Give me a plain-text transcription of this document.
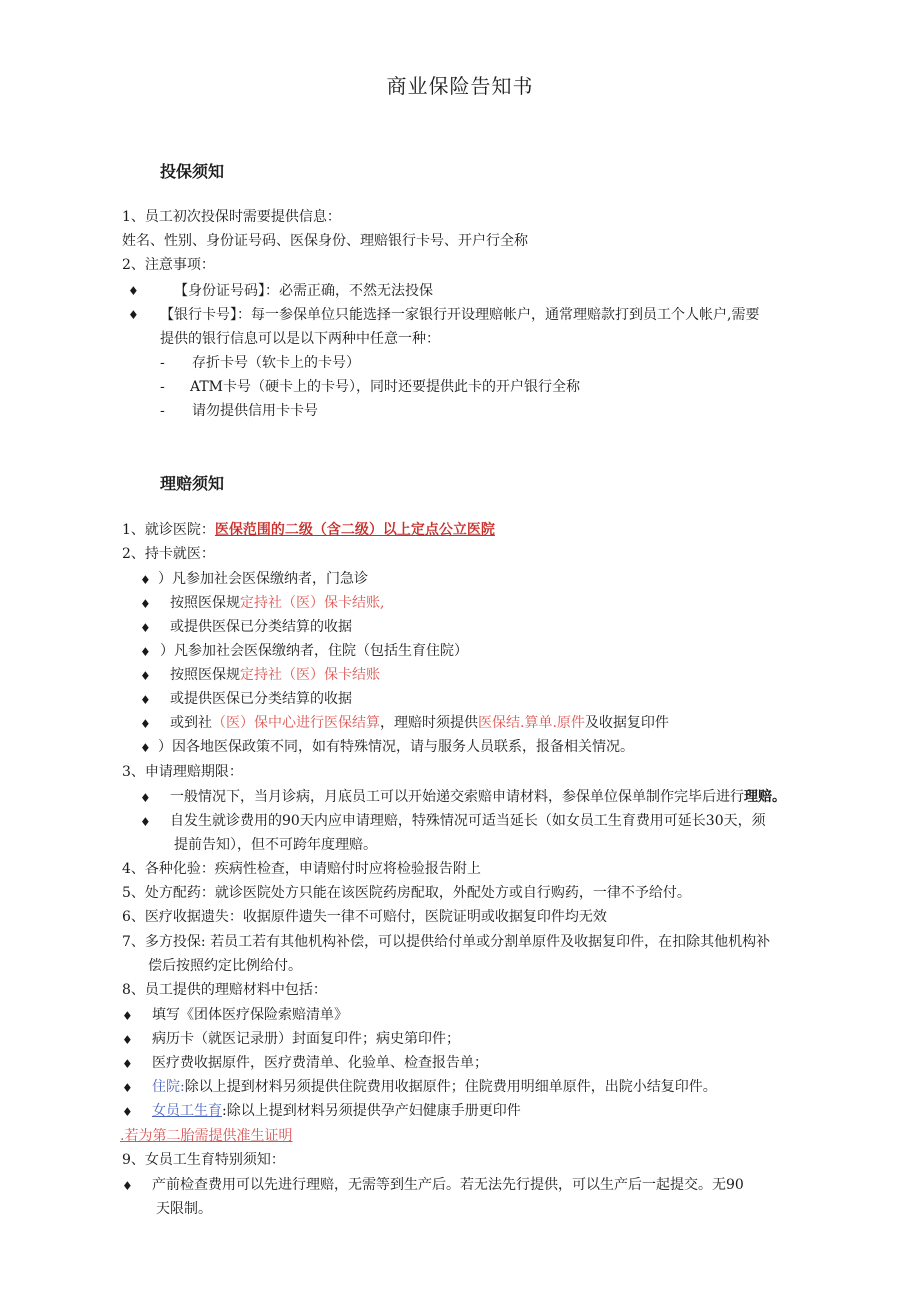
商业保险告知书
投保须知
1、员工初次投保时需要提供信息：
姓名、性别、身份证号码、医保身份、理赔银行卡号、开户行全称
2、注意事项：
♦	【身份证号码】：必需正确，不然无法投保
♦ 【银行卡号】：每一参保单位只能选择一家银行开设理赔帐户，通常理赔款打到员工个人帐户,需要
提供的银行信息可以是以下两种中任意一种：
- 存折卡号（软卡上的卡号）
- ATM卡号（硬卡上的卡号），同时还要提供此卡的开户银行全称
- 请勿提供信用卡卡号
理赔须知
1、就诊医院：医保范围的二级（含二级）以上定点公立医院
2、持卡就医：
♦ ）凡参加社会医保缴纳者，门急诊
♦ 按照医保规定持社（医）保卡结账,
♦ 或提供医保已分类结算的收据
♦ ）凡参加社会医保缴纳者，住院（包括生育住院）
♦ 按照医保规定持社（医）保卡结账
♦ 或提供医保已分类结算的收据
♦ 或到社（医）保中心进行医保结算，理赔时须提供医保结.算单.原件及收据复印件
♦ ）因各地医保政策不同，如有特殊情况，请与服务人员联系，报备相关情况。
3、申请理赔期限：
♦ 一般情况下，当月诊病，月底员工可以开始递交索赔申请材料，参保单位保单制作完毕后进行理赔。
♦ 自发生就诊费用的90天内应申请理赔，特殊情况可适当延长（如女员工生育费用可延长30天，须
提前告知），但不可跨年度理赔。
4、各种化验：疾病性检查，申请赔付时应将检验报告附上
5、处方配药：就诊医院处方只能在该医院药房配取，外配处方或自行购药，一律不予给付。
6、医疗收据遗失：收据原件遗失一律不可赔付，医院证明或收据复印件均无效
7、多方投保: 若员工若有其他机构补偿，可以提供给付单或分割单原件及收据复印件，在扣除其他机构补
偿后按照约定比例给付。
8、员工提供的理赔材料中包括：
♦ 填写《团体医疗保险索赔清单》
♦ 病历卡（就医记录册）封面复印件；病史第印件；
♦ 医疗费收据原件，医疗费清单、化验单、检查报告单；
♦ 住院:除以上提到材料另须提供住院费用收据原件；住院费用明细单原件，出院小结复印件。
♦ 女员工生育:除以上提到材料另须提供孕产妇健康手册更印件
.若为第二胎需提供准生证明
9、女员工生育特别须知：
♦ 产前检查费用可以先进行理赔，无需等到生产后。若无法先行提供，可以生产后一起提交。无90
天限制。
